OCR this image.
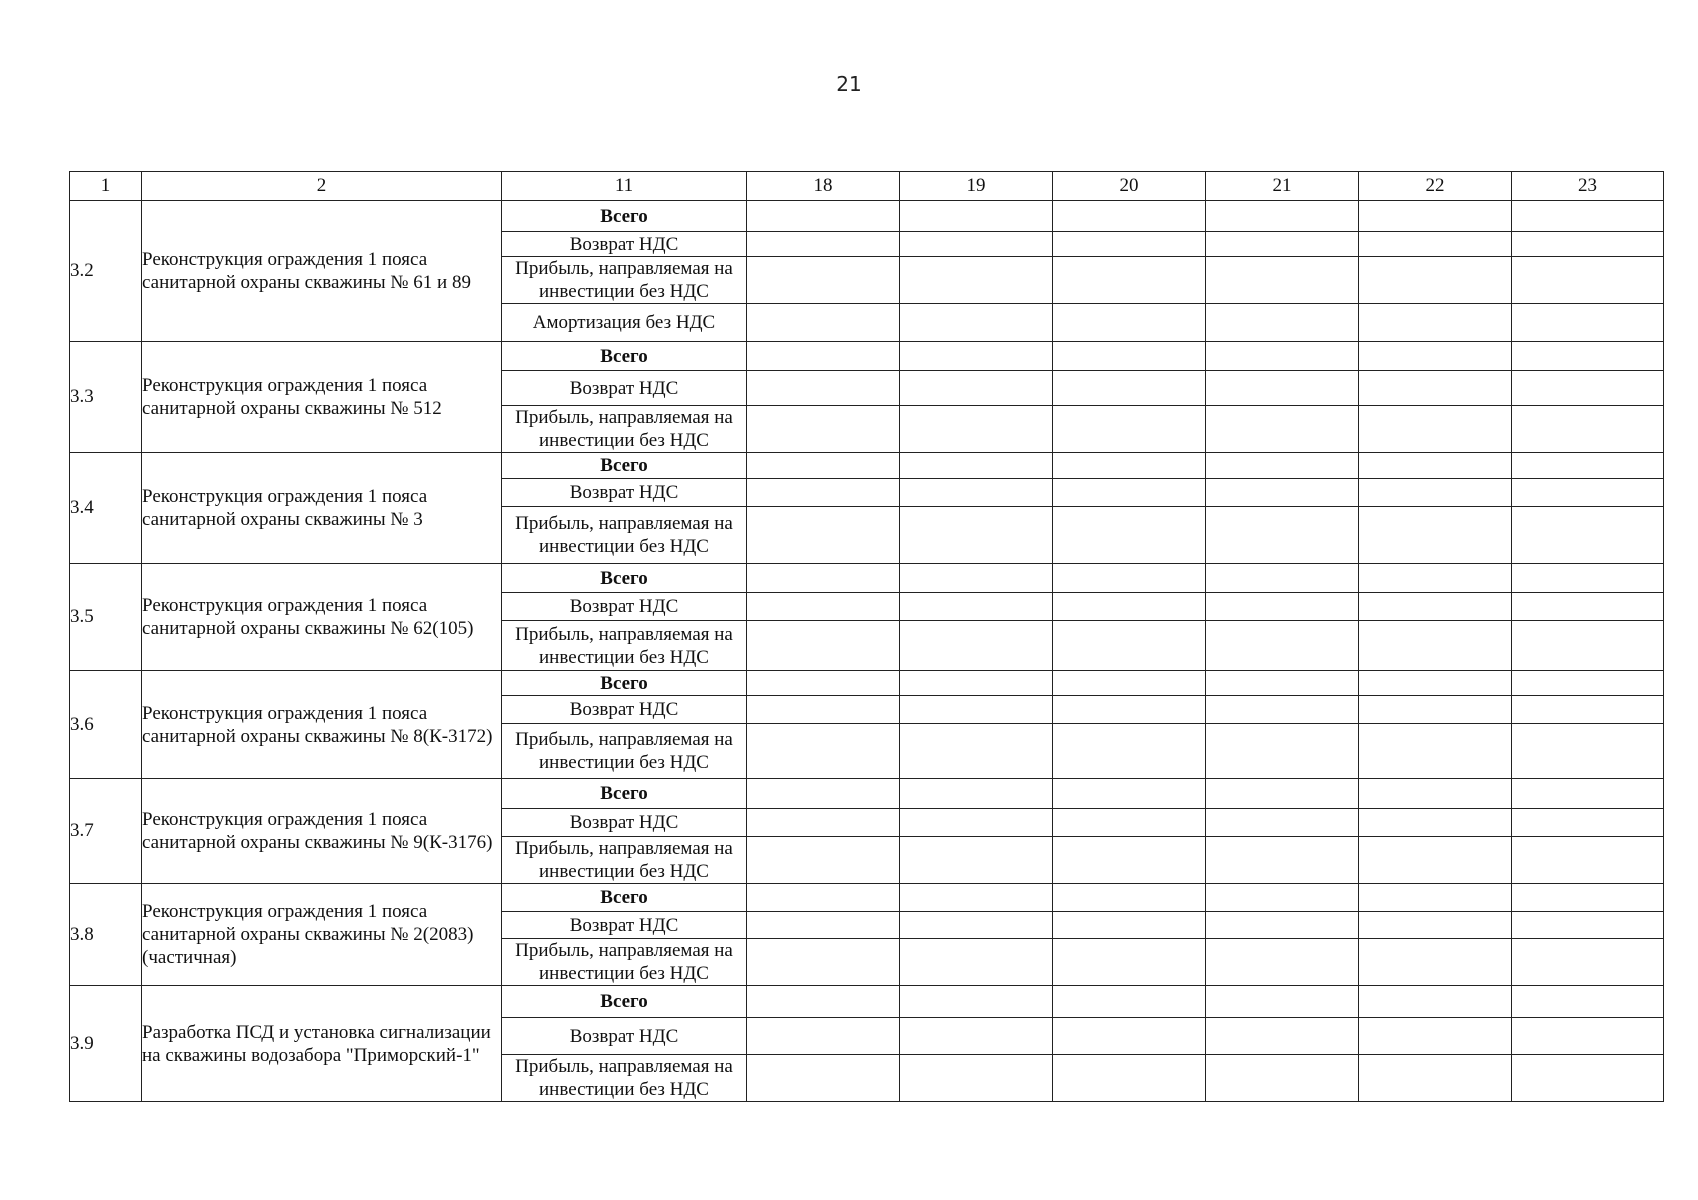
21
1	2	11	18	19	20	21	22	23
3.2	Реконструкция ограждения 1 пояса санитарной охраны скважины № 61 и 89	Всего						
		Возврат НДС						
		Прибыль, направляемая на инвестиции без НДС						
		Амортизация без НДС						
3.3	Реконструкция ограждения 1 пояса санитарной охраны скважины № 512	Всего						
		Возврат НДС						
		Прибыль, направляемая на инвестиции без НДС						
3.4	Реконструкция ограждения 1 пояса санитарной охраны скважины № 3	Всего						
		Возврат НДС						
		Прибыль, направляемая на инвестиции без НДС						
3.5	Реконструкция ограждения 1 пояса санитарной охраны скважины № 62(105)	Всего						
		Возврат НДС						
		Прибыль, направляемая на инвестиции без НДС						
3.6	Реконструкция ограждения 1 пояса санитарной охраны скважины № 8(К-3172)	Всего						
		Возврат НДС						
		Прибыль, направляемая на инвестиции без НДС						
3.7	Реконструкция ограждения 1 пояса санитарной охраны скважины № 9(К-3176)	Всего						
		Возврат НДС						
		Прибыль, направляемая на инвестиции без НДС						
3.8	Реконструкция ограждения 1 пояса санитарной охраны скважины № 2(2083) (частичная)	Всего						
		Возврат НДС						
		Прибыль, направляемая на инвестиции без НДС						
3.9	Разработка ПСД и установка сигнализации на скважины водозабора "Приморский-1"	Всего						
		Возврат НДС						
		Прибыль, направляемая на инвестиции без НДС						
